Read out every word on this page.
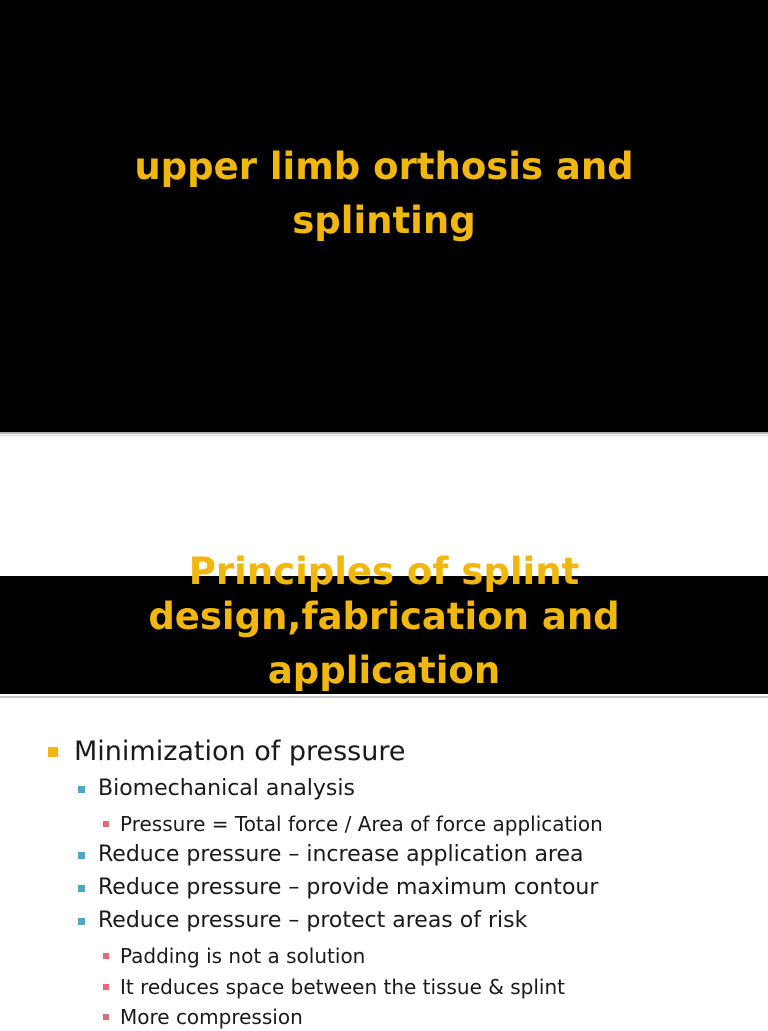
upper limb orthosis and
splinting
Principles of splint
design,fabrication and
application
Minimization of pressure
Biomechanical analysis
Pressure = Total force / Area of force application
Reduce pressure – increase application area
Reduce pressure – provide maximum contour
Reduce pressure – protect areas of risk
Padding is not a solution
It reduces space between the tissue & splint
More compression
